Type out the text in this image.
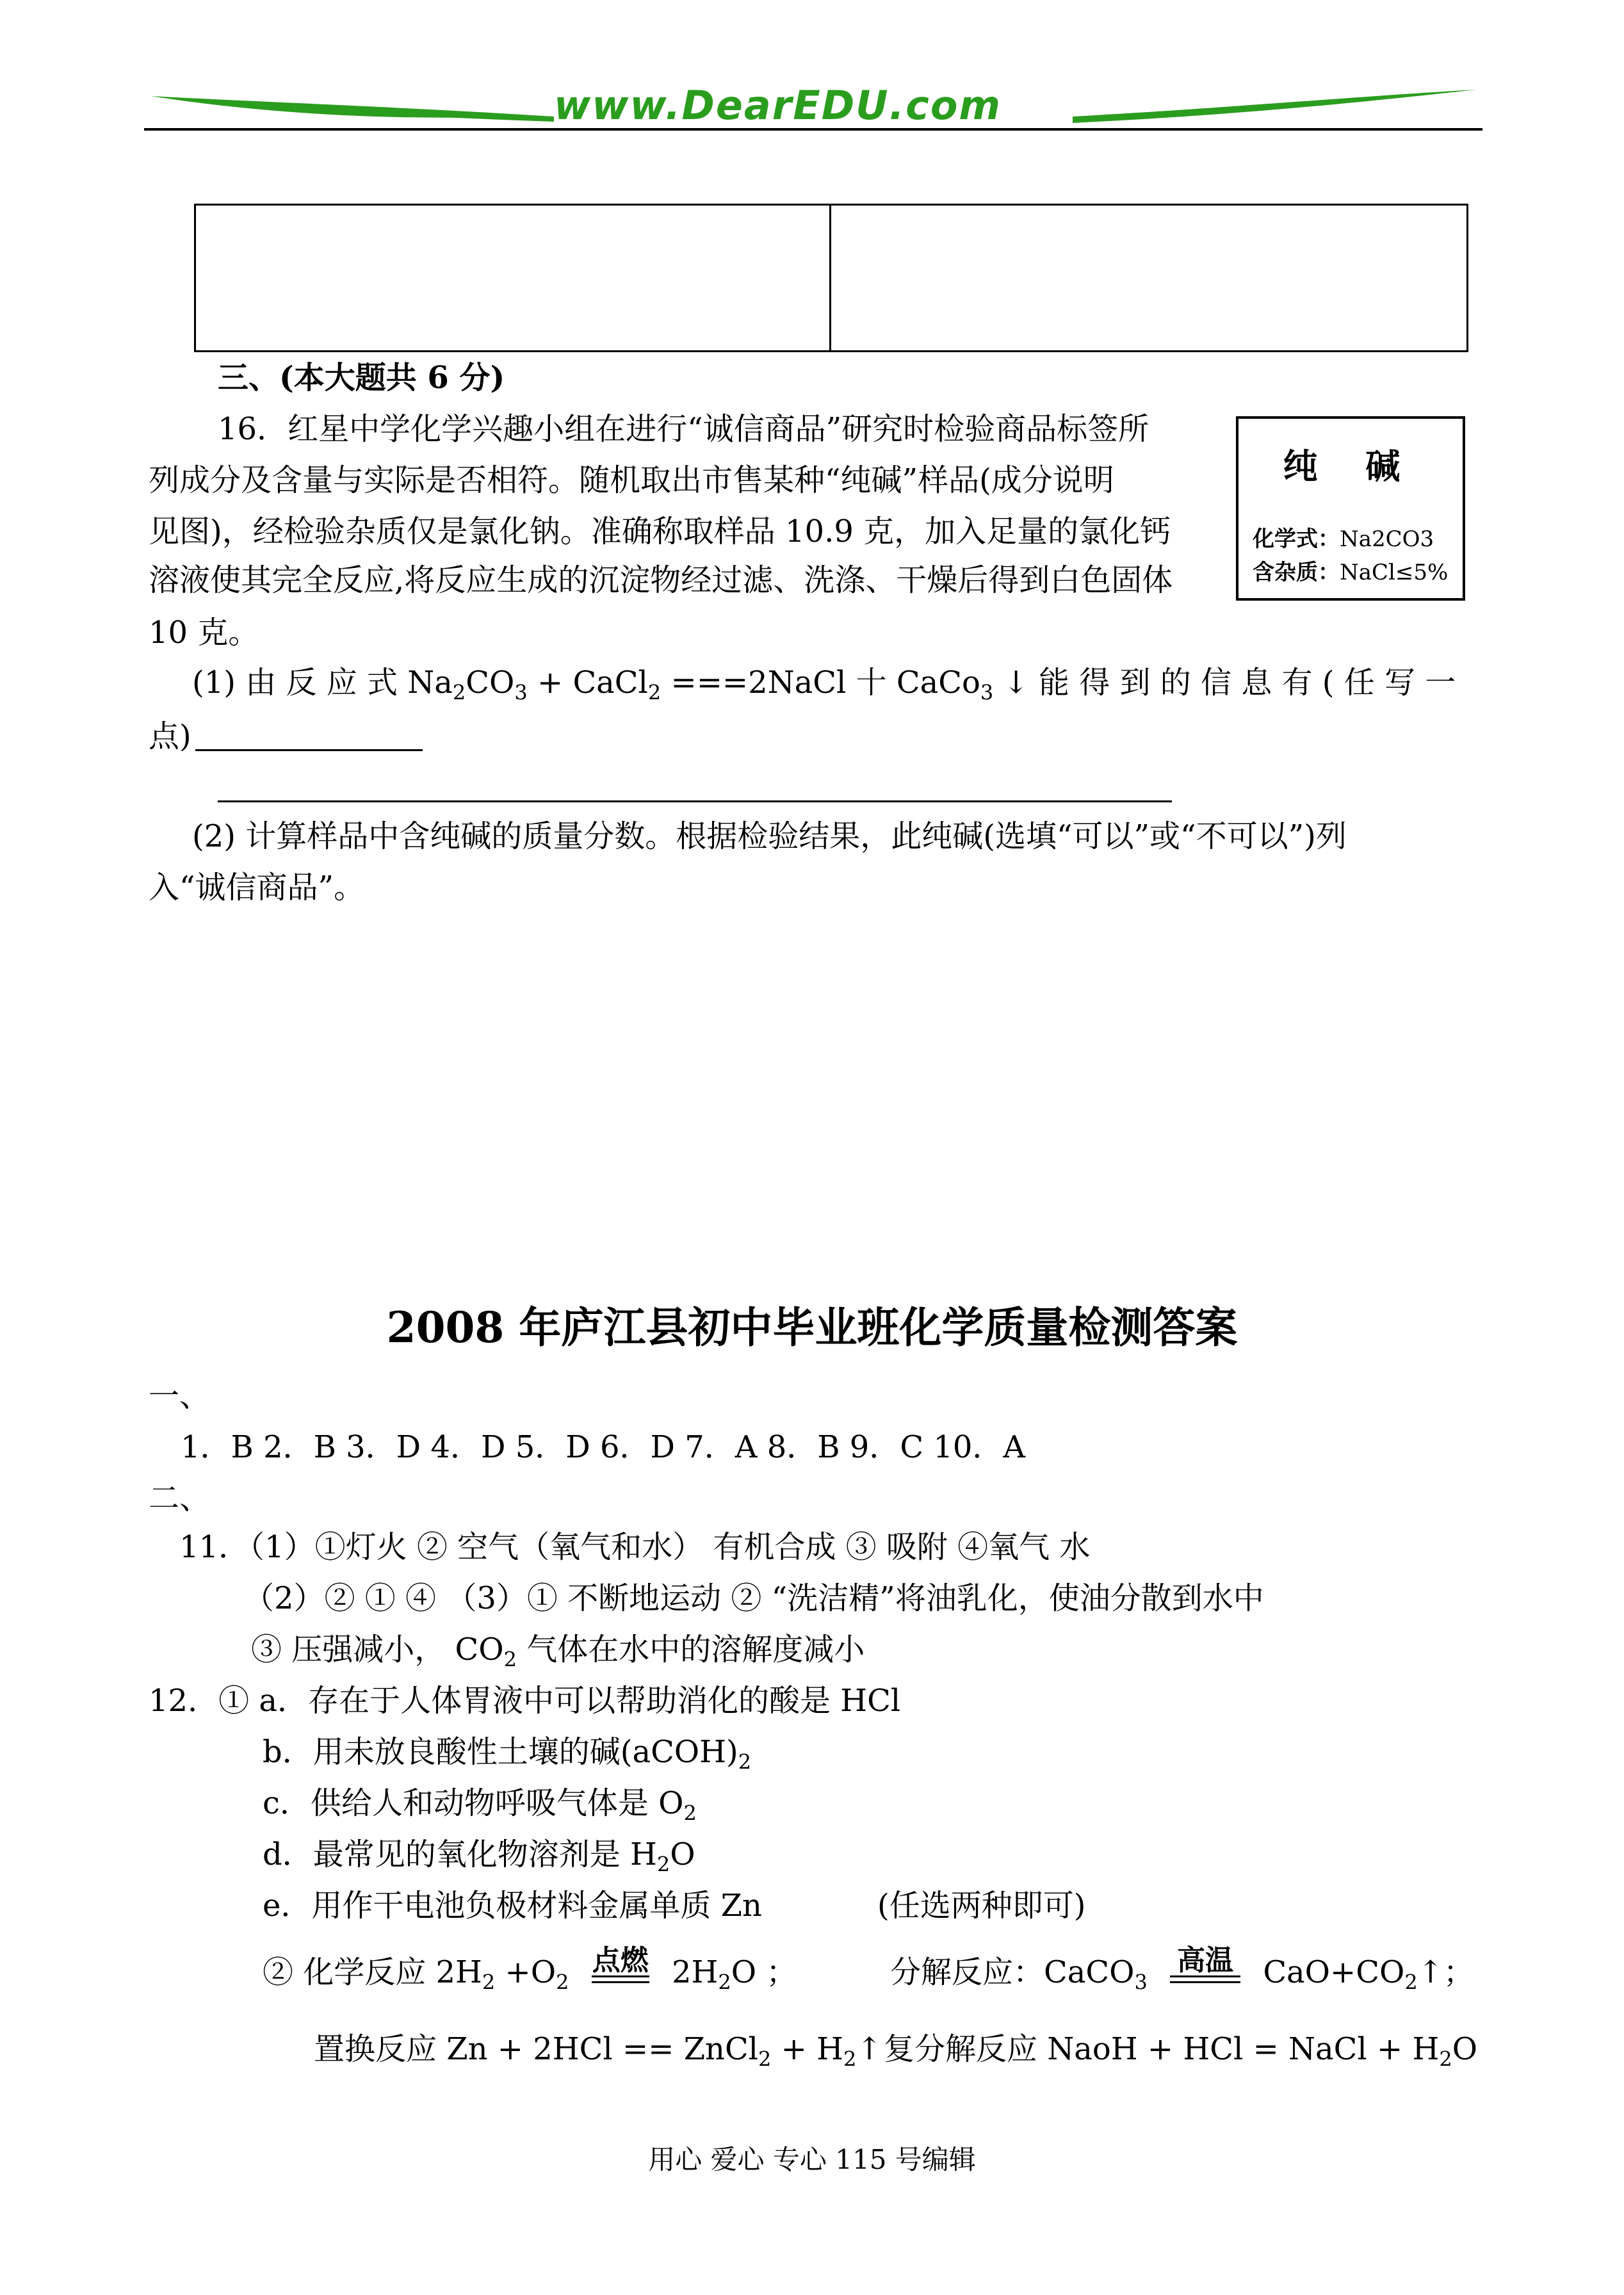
www.DearEDU.com
三、(本大题共 6 分)
16．红星中学化学兴趣小组在进行“诚信商品”研究时检验商品标签所
列成分及含量与实际是否相符。随机取出市售某种“纯碱”样品(成分说明
见图)，经检验杂质仅是氯化钠。准确称取样品 10.9 克，加入足量的氯化钙
溶液使其完全反应,将反应生成的沉淀物经过滤、洗涤、干燥后得到白色固体
10 克。
纯 碱
化学式：Na2CO3
含杂质：NaCl≤5%
(1) 由 反 应 式 $Na_2CO_3$ + CaCl$_2$ ===2NaCl 十 CaCo$_3$ ↓ 能 得 到 的 信 息 有 ( 任 写 一
点)
(2) 计算样品中含纯碱的质量分数。根据检验结果，此纯碱(选填“可以”或“不可以”)列
入“诚信商品”。
2008 年庐江县初中毕业班化学质量检测答案
一、
1．B 2．B 3．D 4．D 5．D 6．D 7．A 8．B 9．C 10．A
二、
11．（1）①灯火 ② 空气（氧气和水） 有机合成 ③ 吸附 ④氧气 水
（2）② ① ④ （3）① 不断地运动 ② “洗洁精”将油乳化，使油分散到水中
③ 压强减小， $CO_2$ 气体在水中的溶解度减小
12．① a．存在于人体胃液中可以帮助消化的酸是 HCl
b．用未放良酸性土壤的碱$(aCOH)_2$
c．供给人和动物呼吸气体是 $O_2$
d．最常见的氧化物溶剂是 $H_2O$
e．用作干电池负极材料金属单质 Zn	(任选两种即可)
② 化学反应 $2H_2 +O_2$
点燃 $2H_2O$ ；	分解反应：CaCO$_3$
高温 $CaO+CO_2↑$；
置换反应 Zn + 2HCl == ZnCl$_2$ + $H_2↑$ 复分解反应 NaoH + HCl = NaCl + $H_2O$
用心 爱心 专心 115 号编辑
